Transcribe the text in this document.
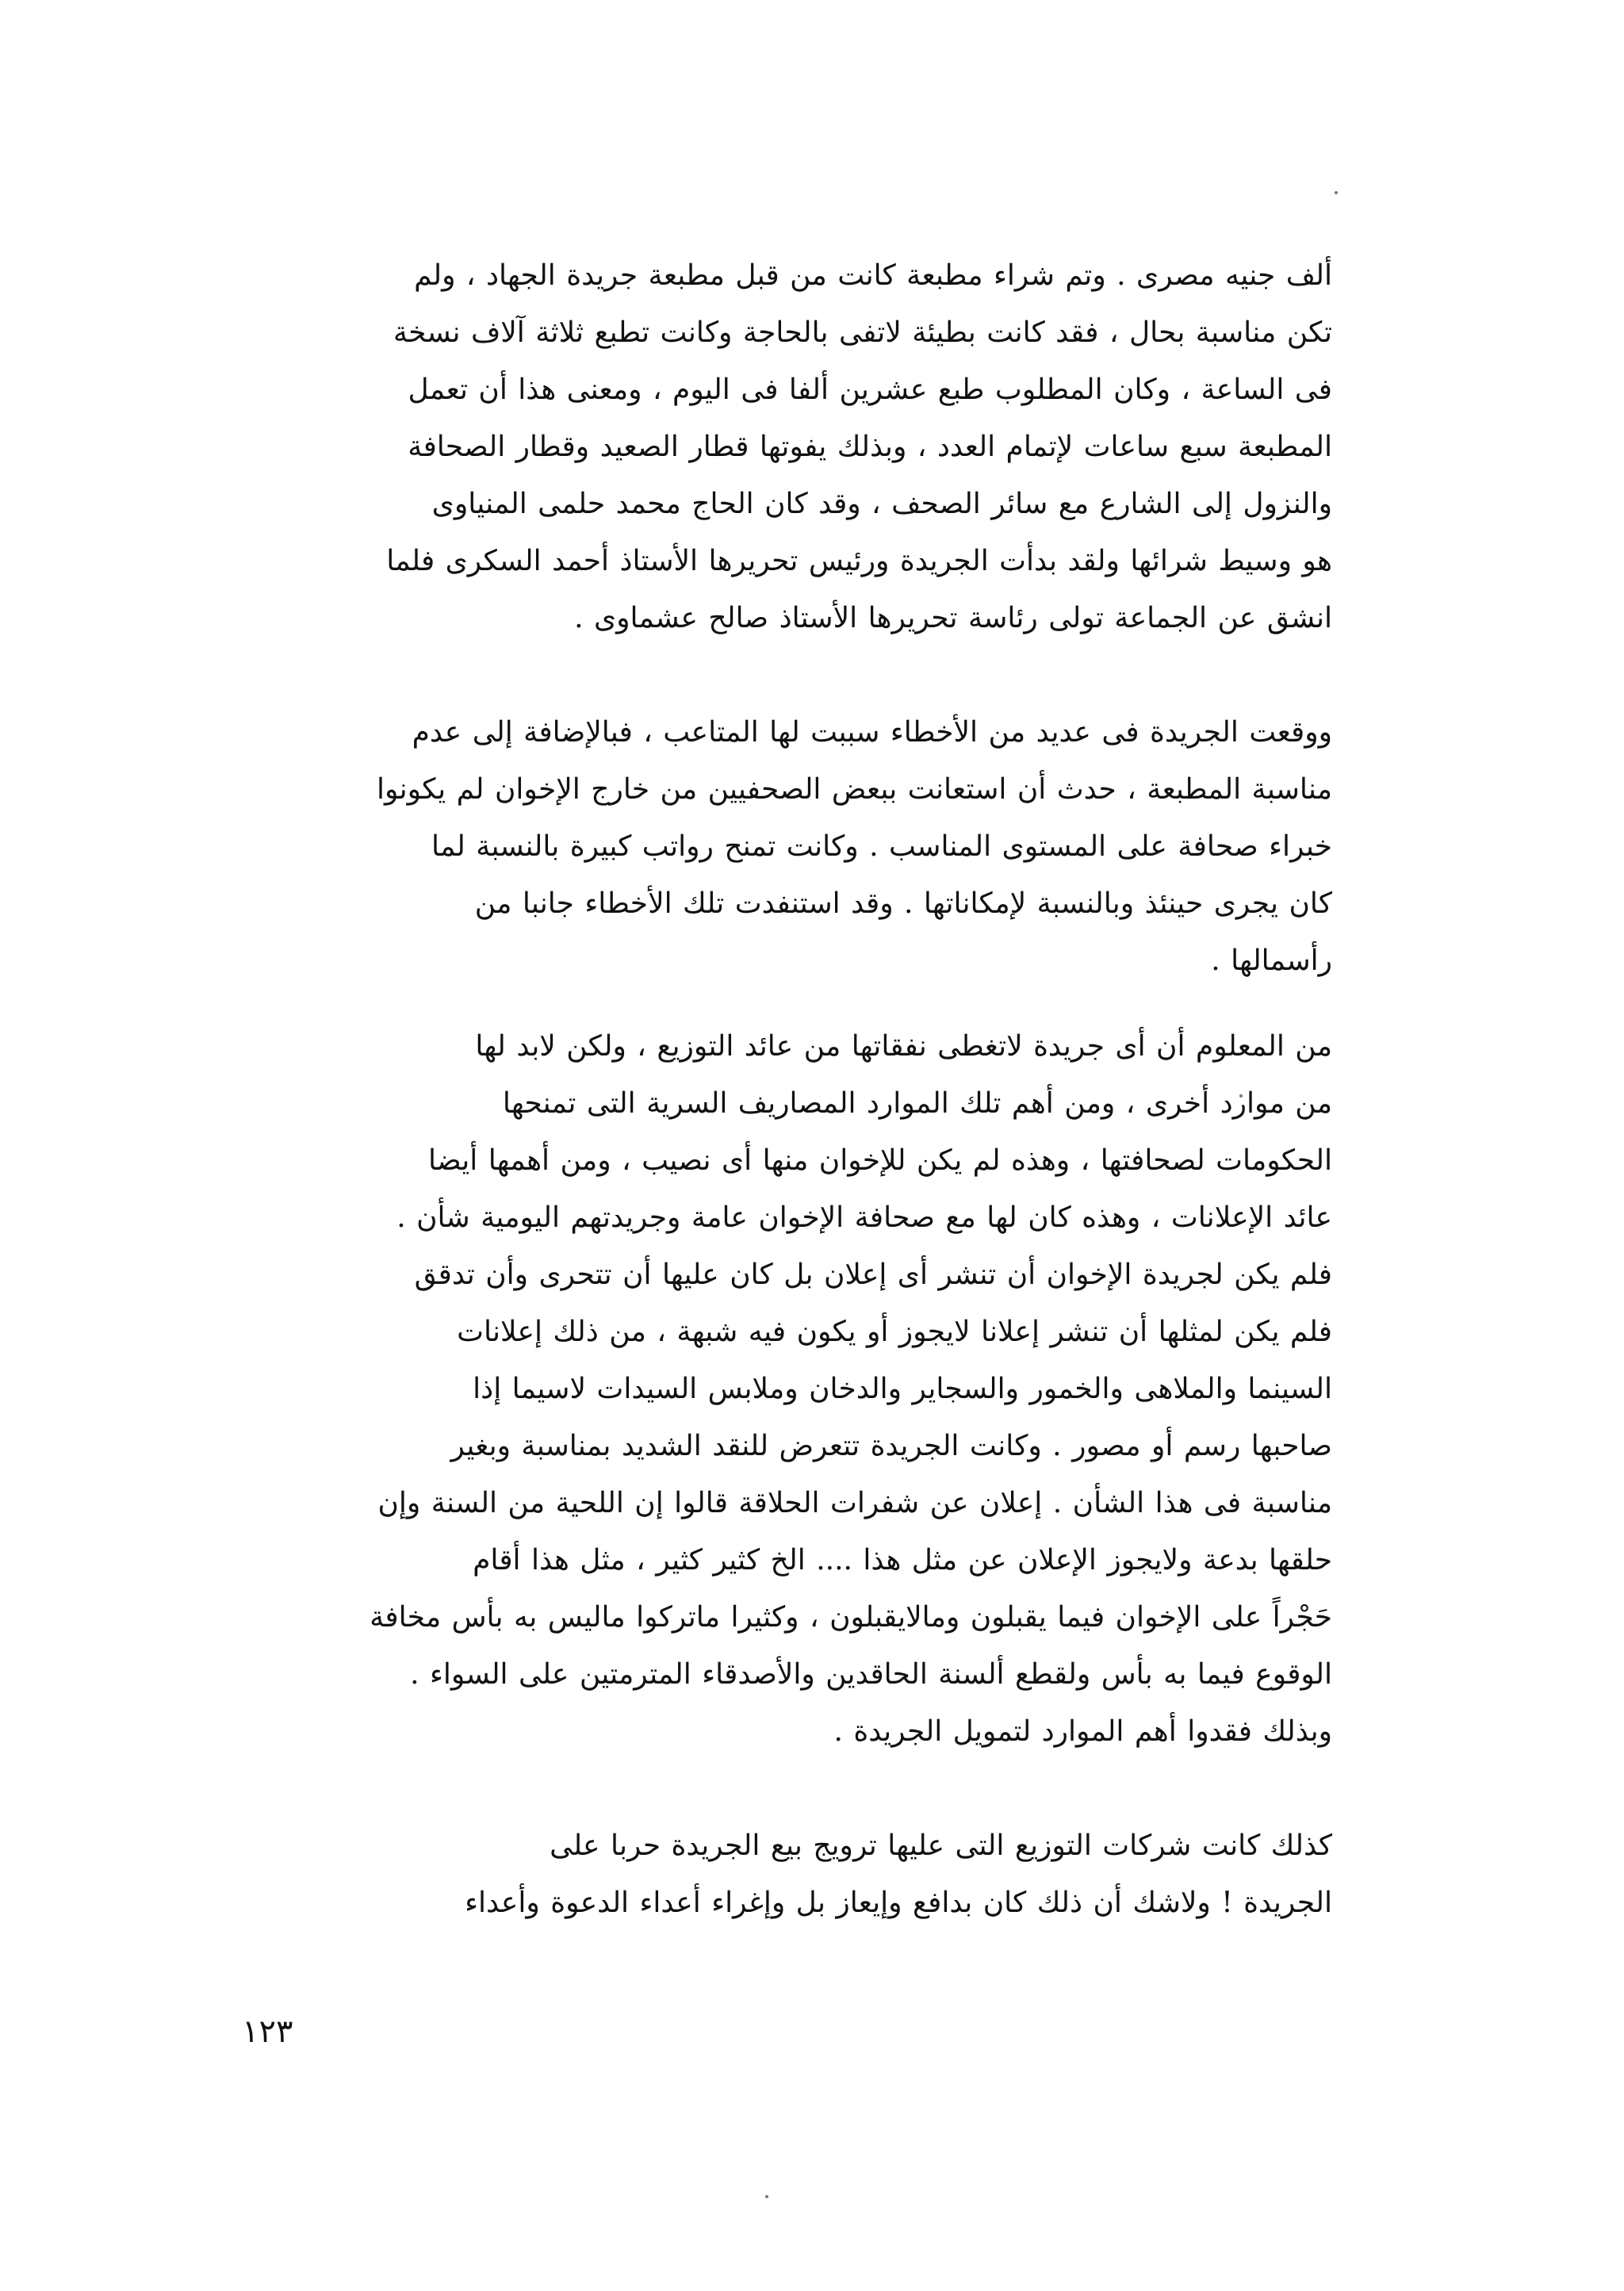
ألف جنيه مصرى . وتم شراء مطبعة كانت من قبل مطبعة جريدة الجهاد ، ولم
تكن مناسبة بحال ، فقد كانت بطيئة لاتفى بالحاجة وكانت تطبع ثلاثة آلاف نسخة
فى الساعة ، وكان المطلوب طبع عشرين ألفا فى اليوم ، ومعنى هذا أن تعمل
المطبعة سبع ساعات لإتمام العدد ، وبذلك يفوتها قطار الصعيد وقطار الصحافة
والنزول إلى الشارع مع سائر الصحف ، وقد كان الحاج محمد حلمى المنياوى
هو وسيط شرائها ولقد بدأت الجريدة ورئيس تحريرها الأستاذ أحمد السكرى فلما
انشق عن الجماعة تولى رئاسة تحريرها الأستاذ صالح عشماوى .
ووقعت الجريدة فى عديد من الأخطاء سببت لها المتاعب ، فبالإضافة إلى عدم
مناسبة المطبعة ، حدث أن استعانت ببعض الصحفيين من خارج الإخوان لم يكونوا
خبراء صحافة على المستوى المناسب . وكانت تمنح رواتب كبيرة بالنسبة لما
كان يجرى حينئذ وبالنسبة لإمكاناتها . وقد استنفدت تلك الأخطاء جانبا من
رأسمالها .
من المعلوم أن أى جريدة لاتغطى نفقاتها من عائد التوزيع ، ولكن لابد لها
من موارد أخرى ، ومن أهم تلك الموارد المصاريف السرية التى تمنحها
الحكومات لصحافتها ، وهذه لم يكن للإخوان منها أى نصيب ، ومن أهمها أيضا
عائد الإعلانات ، وهذه كان لها مع صحافة الإخوان عامة وجريدتهم اليومية شأن .
فلم يكن لجريدة الإخوان أن تنشر أى إعلان بل كان عليها أن تتحرى وأن تدقق
فلم يكن لمثلها أن تنشر إعلانا لايجوز أو يكون فيه شبهة ، من ذلك إعلانات
السينما والملاهى والخمور والسجاير والدخان وملابس السيدات لاسيما إذا
صاحبها رسم أو مصور . وكانت الجريدة تتعرض للنقد الشديد بمناسبة وبغير
مناسبة فى هذا الشأن . إعلان عن شفرات الحلاقة قالوا إن اللحية من السنة وإن
حلقها بدعة ولايجوز الإعلان عن مثل هذا .... الخ كثير كثير ، مثل هذا أقام
حَجْراً على الإخوان فيما يقبلون ومالايقبلون ، وكثيرا ماتركوا ماليس به بأس مخافة
الوقوع فيما به بأس ولقطع ألسنة الحاقدين والأصدقاء المترمتين على السواء .
وبذلك فقدوا أهم الموارد لتمويل الجريدة .
كذلك كانت شركات التوزيع التى عليها ترويج بيع الجريدة حربا على
الجريدة ! ولاشك أن ذلك كان بدافع وإيعاز بل وإغراء أعداء الدعوة وأعداء
١٢٣
